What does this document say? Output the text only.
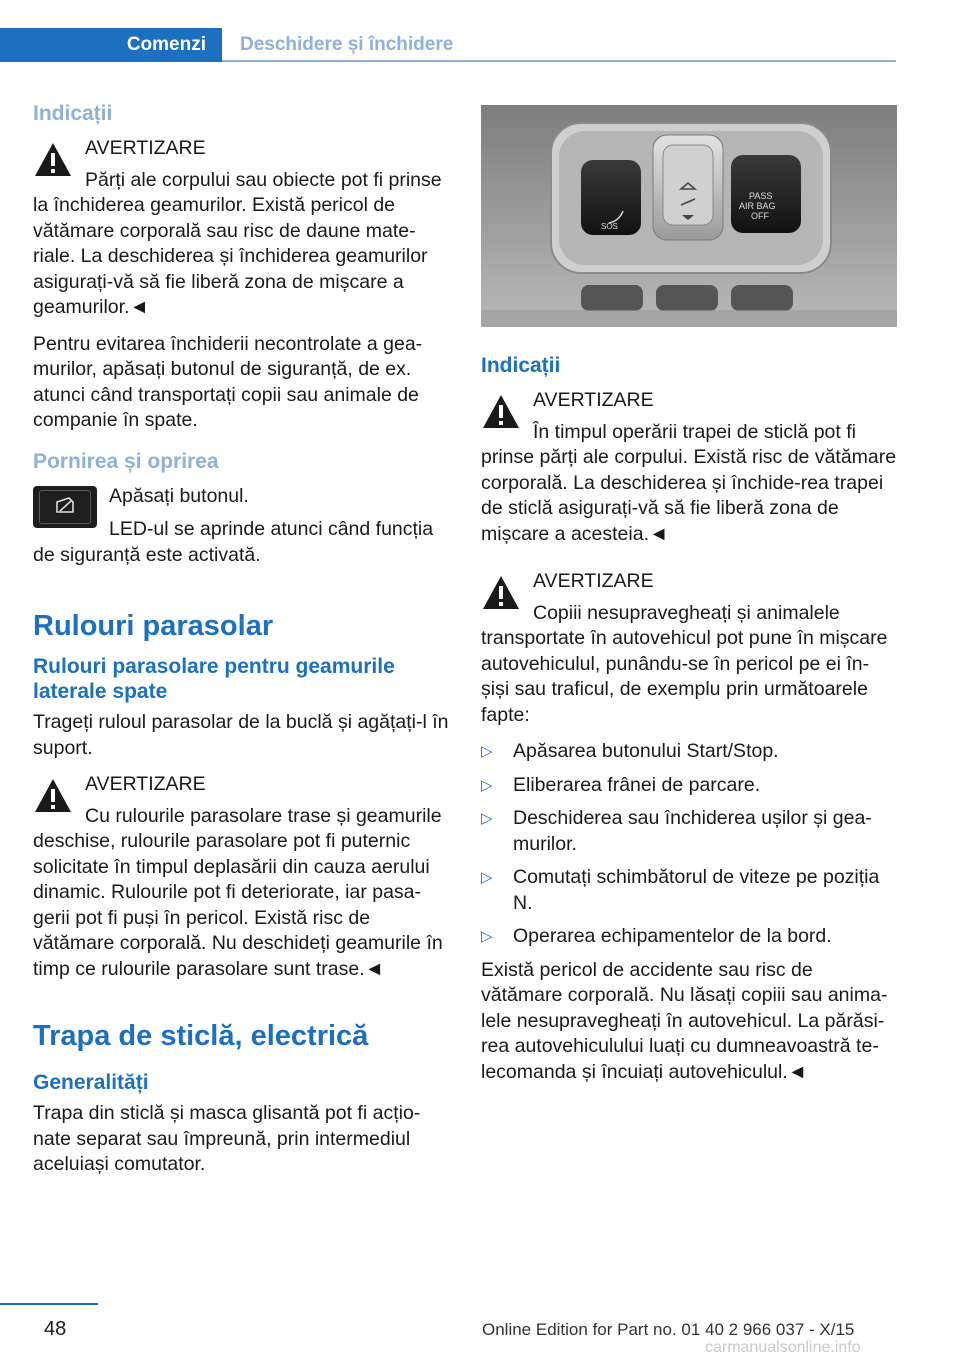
Comenzi	Deschidere și închidere
Indicații
AVERTIZARE
Părți ale corpului sau obiecte pot fi prinse la închiderea geamurilor. Există pericol de vătămare corporală sau risc de daune mate-riale. La deschiderea și închiderea geamurilor asigurați-vă să fie liberă zona de mișcare a geamurilor.◄

Pentru evitarea închiderii necontrolate a gea-murilor, apăsați butonul de siguranță, de ex. atunci când transportați copii sau animale de companie în spate.

Pornirea și oprirea

Apăsați butonul.

LED-ul se aprinde atunci când funcția de siguranță este activată.
Rulouri parasolar
Rulouri parasolare pentru geamurile laterale spate

Trageți ruloul parasolar de la buclă și agățați-l în suport.

AVERTIZARE
Cu rulourile parasolare trase și geamurile deschise, rulourile parasolare pot fi puternic solicitate în timpul deplasării din cauza aerului dinamic. Rulourile pot fi deteriorate, iar pasa-gerii pot fi puși în pericol. Există risc de vătămare corporală. Nu deschideți geamurile în timp ce rulourile parasolare sunt trase.◄
Trapa de sticlă, electrică
Generalități

Trapa din sticlă și masca glisantă pot fi acțio-nate separat sau împreună, prin intermediul aceluiași comutator.

SOS
PASS
AIR BAG
OFF
Indicații
AVERTIZARE
În timpul operării trapei de sticlă pot fi prinse părți ale corpului. Există risc de vătămare corporală. La deschiderea și închide-rea trapei de sticlă asigurați-vă să fie liberă zona de mișcare a acesteia.◄
AVERTIZARE
Copiii nesupravegheați și animalele transportate în autovehicul pot pune în mișcare autovehiculul, punându-se în pericol pe ei în-șiși sau traficul, de exemplu prin următoarele fapte:
▷ Apăsarea butonului Start/Stop.
▷ Eliberarea frânei de parcare.
▷ Deschiderea sau închiderea ușilor și gea-murilor.
▷ Comutați schimbătorul de viteze pe poziția N.
▷ Operarea echipamentelor de la bord.

Există pericol de accidente sau risc de vătămare corporală. Nu lăsați copiii sau anima-lele nesupravegheați în autovehicul. La părăsi-rea autovehiculului luați cu dumneavoastră te-lecomanda și încuiați autovehiculul.◄

48	Online Edition for Part no. 01 40 2 966 037 - X/15
carmanualsonline.info
